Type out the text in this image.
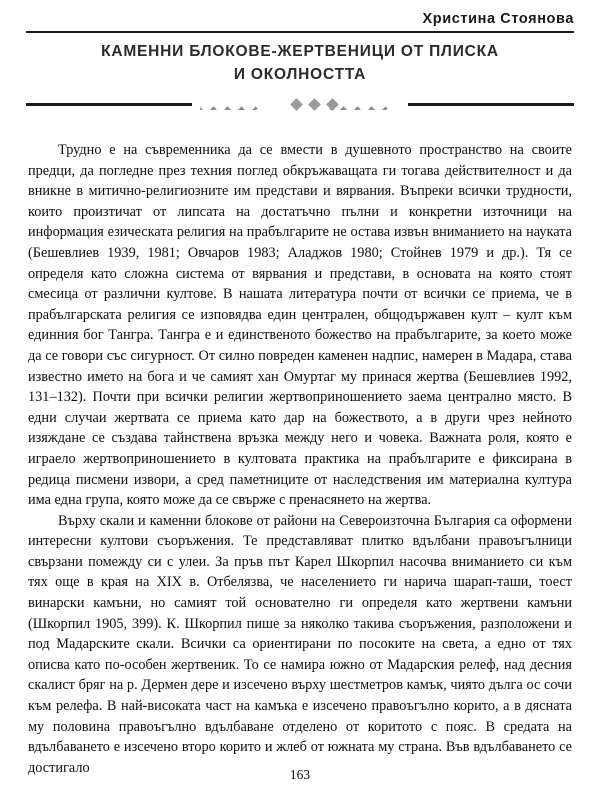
Христина Стоянова
КАМЕННИ БЛОКОВЕ-ЖЕРТВЕНИЦИ ОТ ПЛИСКА
И ОКОЛНОСТТА

Трудно е на съвременника да се вмести в душевното пространство на своите предци, да погледне през техния поглед обкръжаващата ги тогава действителност и да вникне в митично-религиозните им представи и вярвания. Въпреки всички трудности, които произтичат от липсата на достатъчно пълни и конкретни източници на информация езическата религия на прабългарите не остава извън вниманието на науката (Бешевлиев 1939, 1981; Овчаров 1983; Аладжов 1980; Стойнев 1979 и др.). Тя се определя като сложна система от вярвания и представи, в основата на която стоят смесица от различни култове. В нашата литература почти от всички се приема, че в прабългарската религия се изповядва един централен, общодържавен култ – култ към единния бог Тангра. Тангра е и единственото божество на прабългарите, за което може да се говори със сигурност. От силно повреден каменен надпис, намерен в Мадара, става известно името на бога и че самият хан Омуртаг му принася жертва (Бешевлиев 1992, 131–132). Почти при всички религии жертвоприношението заема централно място. В едни случаи жертвата се приема като дар на божеството, а в други чрез нейното изяждане се създава тайнствена връзка между него и човека. Важната роля, която е играело жертвоприношението в култовата практика на прабългарите е фиксирана в редица писмени извори, а сред паметниците от наследствения им материална култура има една група, която може да се свърже с пренасянето на жертва.

Върху скали и каменни блокове от райони на Североизточна България са оформени интересни култови съоръжения. Те представляват плитко вдълбани правоъгълници свързани помежду си с улеи. За пръв път Карел Шкорпил насочва вниманието си към тях още в края на XIX в. Отбелязва, че населението ги нарича шарап-таши, тоест винарски камъни, но самият той основателно ги определя като жертвени камъни (Шкорпил 1905, 399). К. Шкорпил пише за няколко такива съоръжения, разположени и под Мадарските скали. Всички са ориентирани по посоките на света, а едно от тях описва като по-особен жертвеник. То се намира южно от Мадарския релеф, над десния скалист бряг на р. Дермен дере и изсечено върху шестметров камък, чиято дълга ос сочи към релефа. В най-високата част на камъка е изсечено правоъгълно корито, а в дясната му половина правоъгълно вдълбаване отделено от коритото с пояс. В средата на вдълбаването е изсечено второ корито и жлеб от южната му страна. Във вдълбаването се достигало	163
